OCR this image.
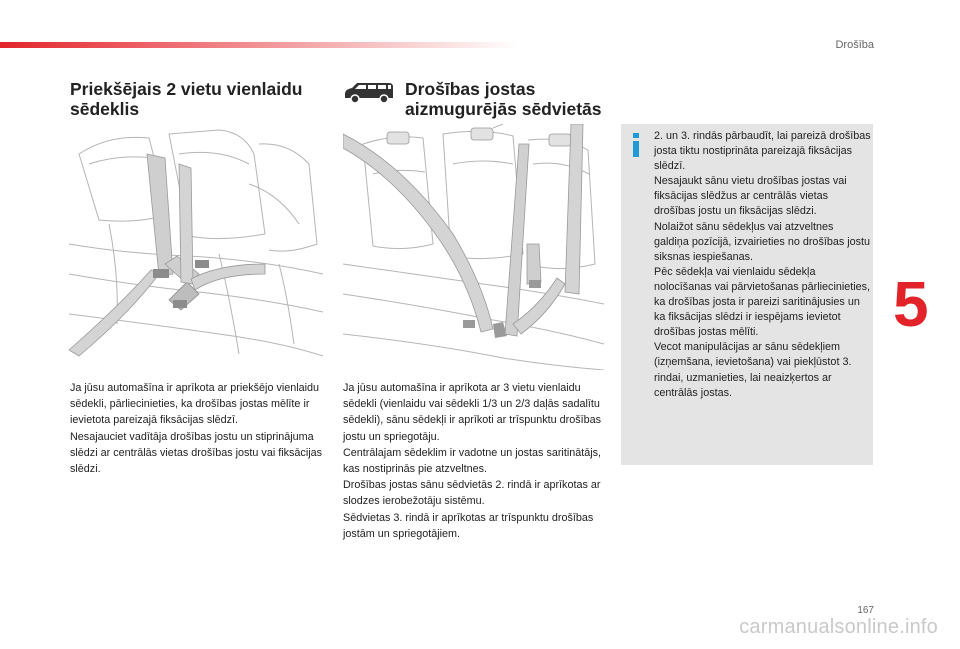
Drošība
5
Priekšējais 2 vietu vienlaidu
sēdeklis
Drošības jostas
aizmugurējās sēdvietās

Ja jūsu automašīna ir aprīkota ar priekšējo vienlaidu sēdekli, pārliecinieties, ka drošības jostas mēlīte ir ievietota pareizajā fiksācijas slēdzī.

Nesajauciet vadītāja drošības jostu un stiprinājuma slēdzi ar centrālās vietas drošības jostu vai fiksācijas slēdzi.

Ja jūsu automašīna ir aprīkota ar 3 vietu vienlaidu sēdekli (vienlaidu vai sēdekli 1/3 un 2/3 daļās sadalītu sēdekli), sānu sēdekļi ir aprīkoti ar trīspunktu drošības jostu un spriegotāju.

Centrālajam sēdeklim ir vadotne un jostas saritinātājs, kas nostiprinās pie atzveltnes.

Drošības jostas sānu sēdvietās 2. rindā ir aprīkotas ar slodzes ierobežotāju sistēmu.

Sēdvietas 3. rindā ir aprīkotas ar trīspunktu drošības jostām un spriegotājiem.

2. un 3. rindās pārbaudīt, lai pareizā drošības josta tiktu nostiprināta pareizajā fiksācijas slēdzī.

Nesajaukt sānu vietu drošības jostas vai fiksācijas slēdžus ar centrālās vietas drošības jostu un fiksācijas slēdzi.

Nolaižot sānu sēdekļus vai atzveltnes galdiņa pozīcijā, izvairieties no drošības jostu siksnas iespiešanas.

Pēc sēdekļa vai vienlaidu sēdekļa nolocīšanas vai pārvietošanas pārliecinieties, ka drošības josta ir pareizi saritinājusies un ka fiksācijas slēdzi ir iespējams ievietot drošības jostas mēlīti.

Vecot manipulācijas ar sānu sēdekļiem (izņemšana, ievietošana) vai piekļūstot 3. rindai, uzmanieties, lai neaizķertos ar centrālās jostas.

167
carmanualsonline.info
